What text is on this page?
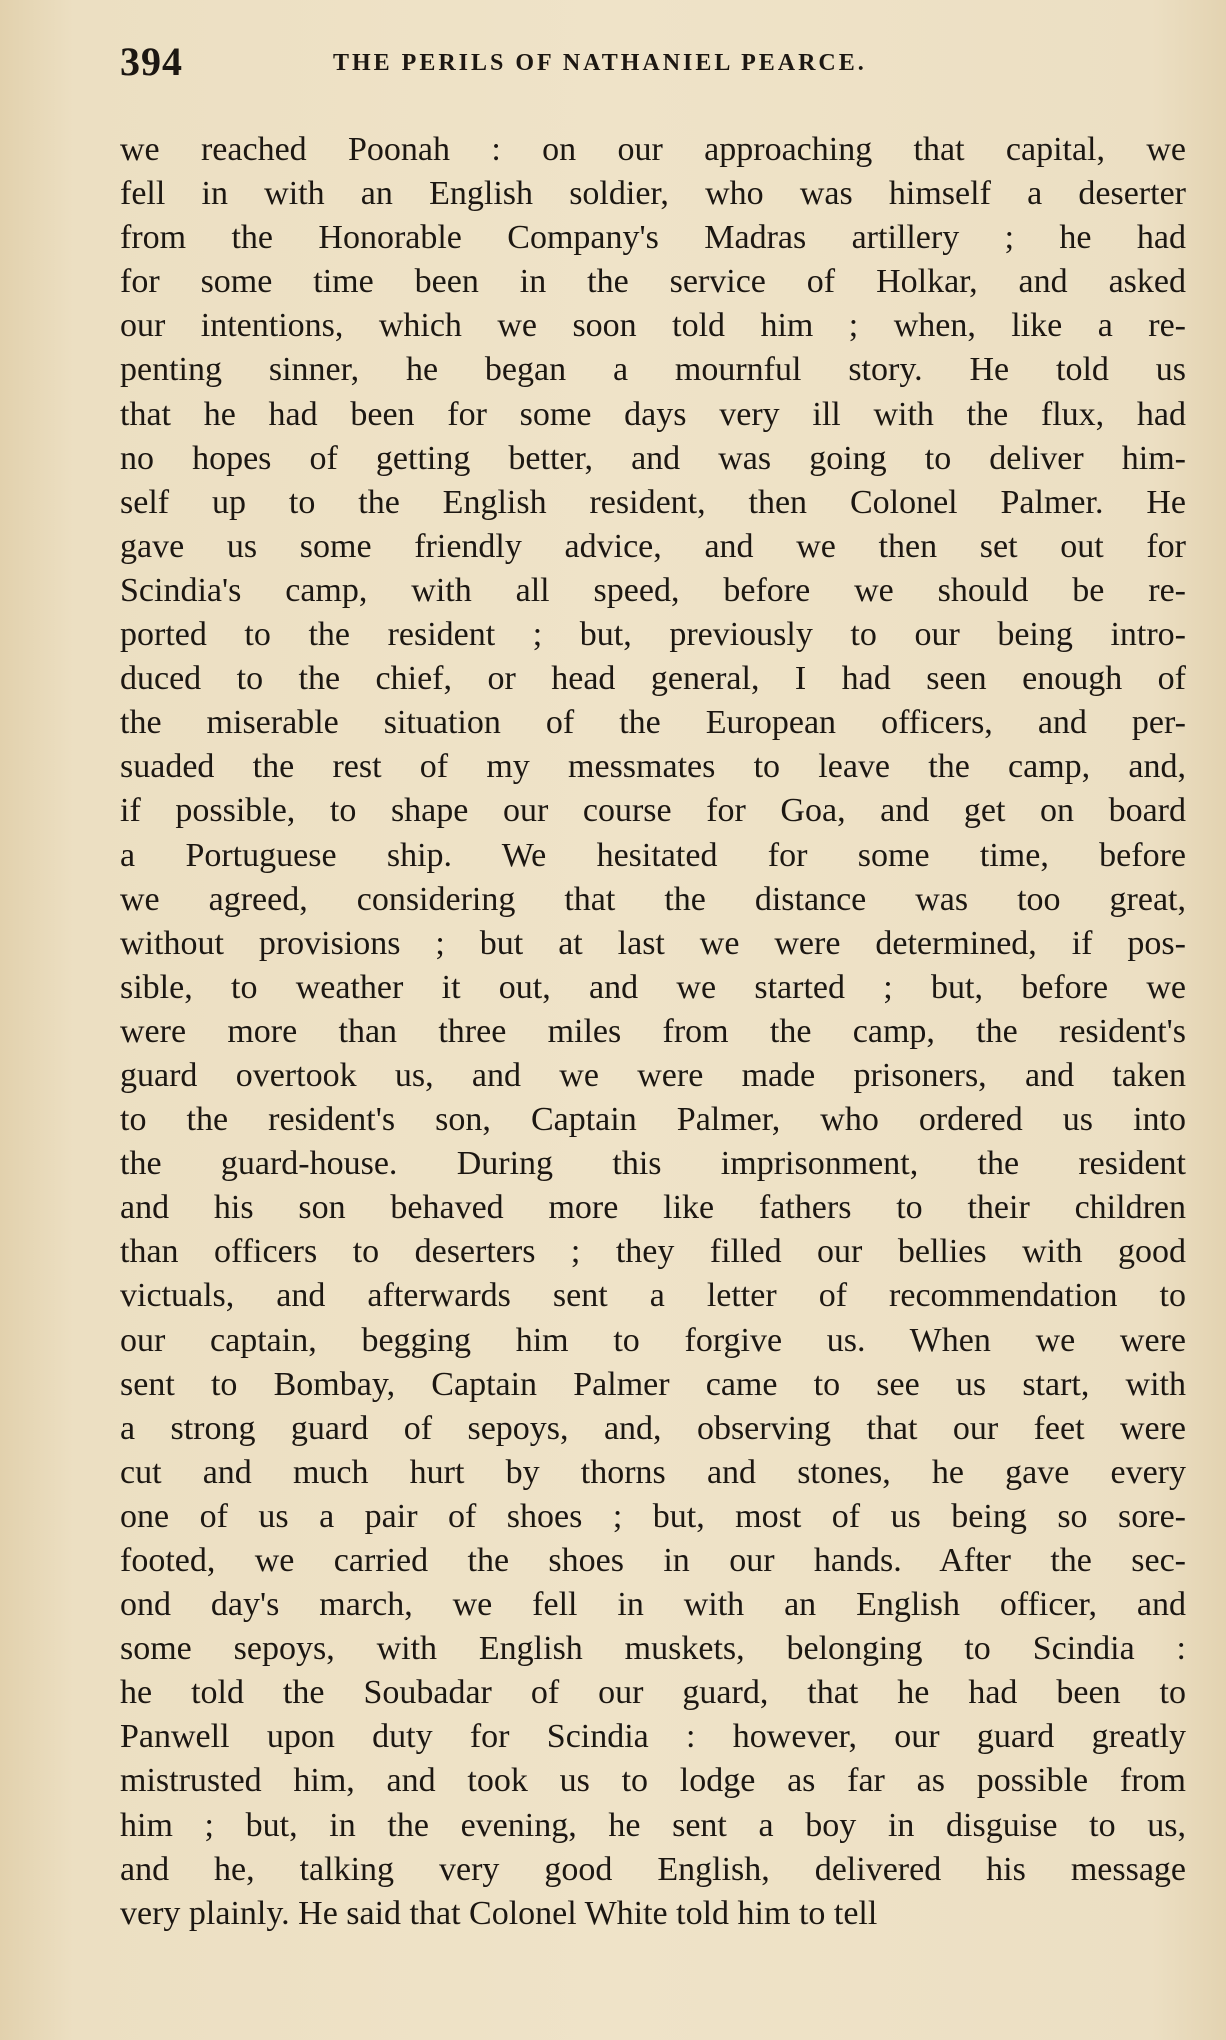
394	THE PERILS OF NATHANIEL PEARCE.
we reached Poonah : on our approaching that capital, we
fell in with an English soldier, who was himself a deserter
from the Honorable Company's Madras artillery ; he had
for some time been in the service of Holkar, and asked
our intentions, which we soon told him ; when, like a re-
penting sinner, he began a mournful story. He told us
that he had been for some days very ill with the flux, had
no hopes of getting better, and was going to deliver him-
self up to the English resident, then Colonel Palmer. He
gave us some friendly advice, and we then set out for
Scindia's camp, with all speed, before we should be re-
ported to the resident ; but, previously to our being intro-
duced to the chief, or head general, I had seen enough of
the miserable situation of the European officers, and per-
suaded the rest of my messmates to leave the camp, and,
if possible, to shape our course for Goa, and get on board
a Portuguese ship. We hesitated for some time, before
we agreed, considering that the distance was too great,
without provisions ; but at last we were determined, if pos-
sible, to weather it out, and we started ; but, before we
were more than three miles from the camp, the resident's
guard overtook us, and we were made prisoners, and taken
to the resident's son, Captain Palmer, who ordered us into
the guard-house. During this imprisonment, the resident
and his son behaved more like fathers to their children
than officers to deserters ; they filled our bellies with good
victuals, and afterwards sent a letter of recommendation to
our captain, begging him to forgive us. When we were
sent to Bombay, Captain Palmer came to see us start, with
a strong guard of sepoys, and, observing that our feet were
cut and much hurt by thorns and stones, he gave every
one of us a pair of shoes ; but, most of us being so sore-
footed, we carried the shoes in our hands. After the sec-
ond day's march, we fell in with an English officer, and
some sepoys, with English muskets, belonging to Scindia :
he told the Soubadar of our guard, that he had been to
Panwell upon duty for Scindia : however, our guard greatly
mistrusted him, and took us to lodge as far as possible from
him ; but, in the evening, he sent a boy in disguise to us,
and he, talking very good English, delivered his message
very plainly. He said that Colonel White told him to tell
